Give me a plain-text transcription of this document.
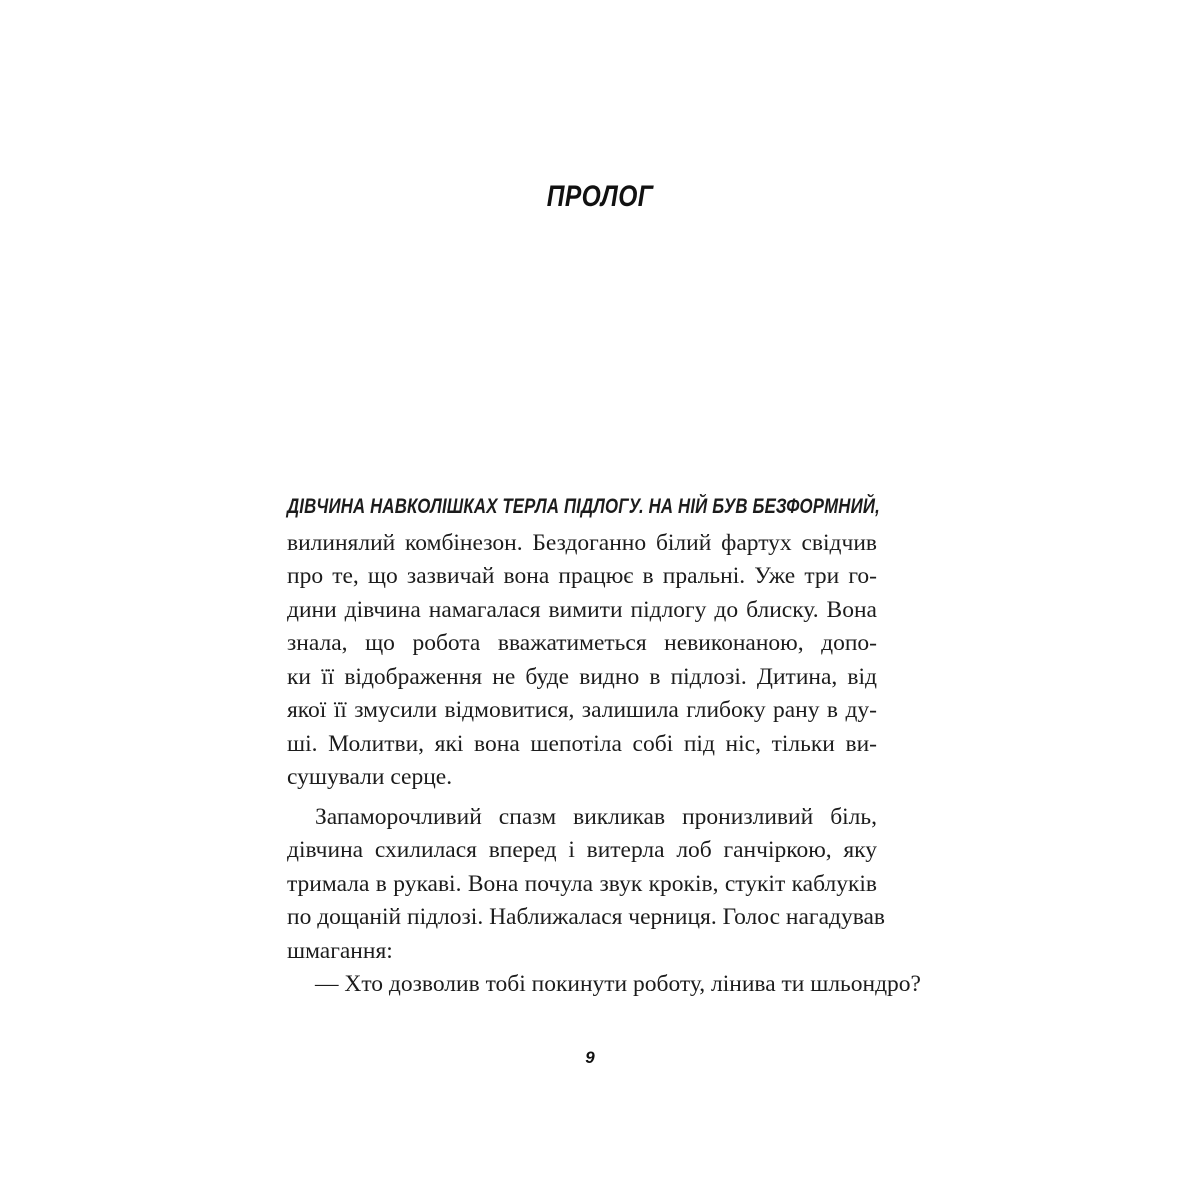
ПРОЛОГ
ДІВЧИНА НАВКОЛІШКАХ ТЕРЛА ПІДЛОГУ. НА НІЙ БУВ БЕЗФОРМНИЙ,
вилинялий комбінезон. Бездоганно білий фартух свідчив
про те, що зазвичай вона працює в пральні. Уже три го-
дини дівчина намагалася вимити підлогу до блиску. Вона
знала, що робота вважатиметься невиконаною, допо-
ки її відображення не буде видно в підлозі. Дитина, від
якої її змусили відмовитися, залишила глибоку рану в ду-
ші. Молитви, які вона шепотіла собі під ніс, тільки ви-
сушували серце.
Запаморочливий спазм викликав пронизливий біль,
дівчина схилилася вперед і витерла лоб ганчіркою, яку
тримала в рукаві. Вона почула звук кроків, стукіт каблуків
по дощаній підлозі. Наближалася черниця. Голос нагадував
шмагання:
— Хто дозволив тобі покинути роботу, лінива ти шльондро?
9
